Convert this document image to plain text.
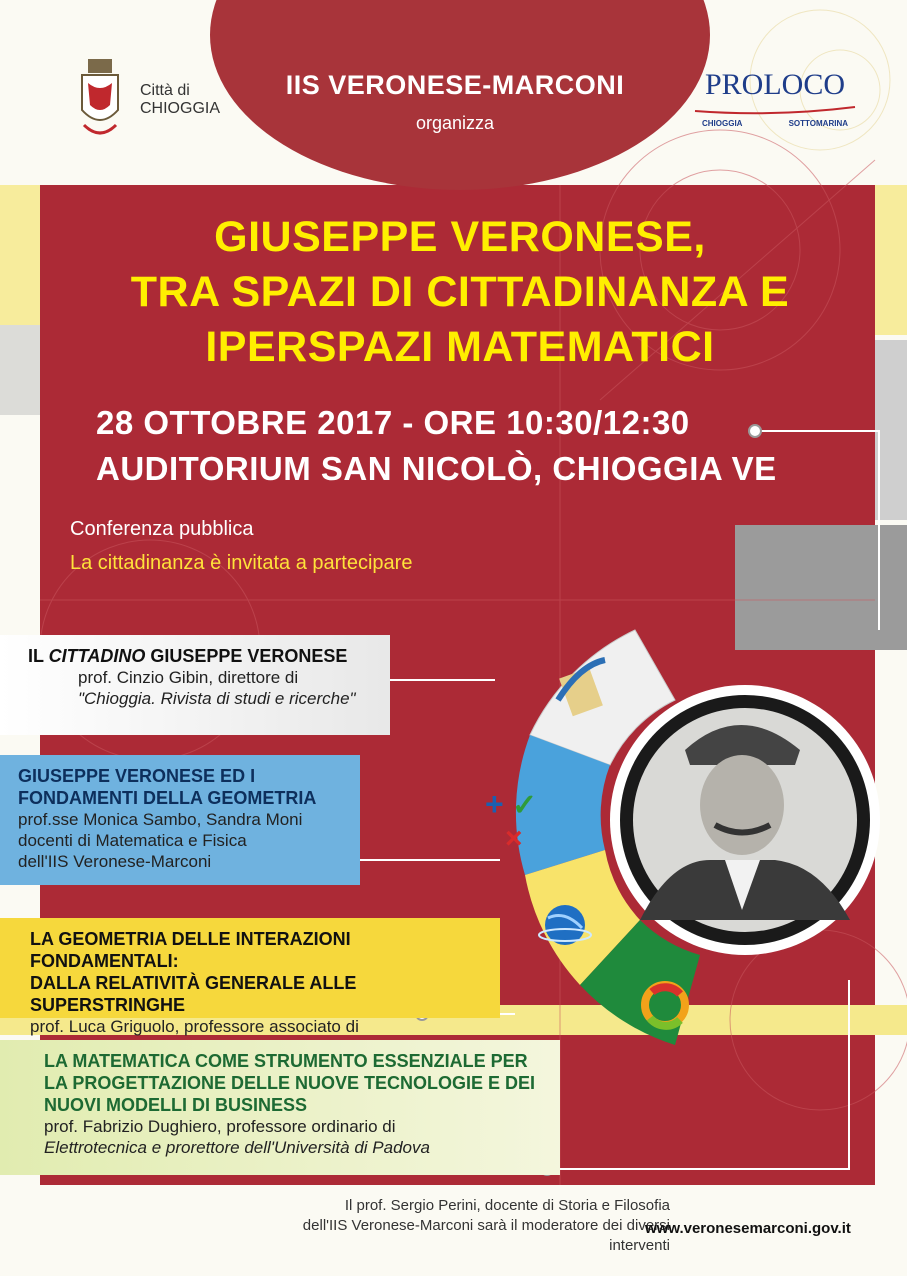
Città di
CHIOGGIA
IIS VERONESE-MARCONI
organizza
PROLOCO
CHIOGGIA	SOTTOMARINA
GIUSEPPE VERONESE,
TRA SPAZI DI CITTADINANZA E
IPERSPAZI MATEMATICI
28 OTTOBRE 2017 - ORE 10:30/12:30
AUDITORIUM SAN NICOLÒ, CHIOGGIA VE
Conferenza pubblica
La cittadinanza è invitata a partecipare
+ ✓
×
IL CITTADINO GIUSEPPE VERONESE
prof. Cinzio Gibin, direttore di
"Chioggia. Rivista di studi e ricerche"
GIUSEPPE VERONESE ED I
FONDAMENTI DELLA GEOMETRIA
prof.sse Monica Sambo, Sandra Moni
docenti di Matematica e Fisica
dell'IIS Veronese-Marconi
LA GEOMETRIA DELLE INTERAZIONI FONDAMENTALI:
DALLA RELATIVITÀ GENERALE ALLE SUPERSTRINGHE
prof. Luca Griguolo, professore associato di
LA MATEMATICA COME STRUMENTO ESSENZIALE PER
LA PROGETTAZIONE DELLE NUOVE TECNOLOGIE E DEI
NUOVI MODELLI DI BUSINESS
prof. Fabrizio Dughiero, professore ordinario di
Elettrotecnica e prorettore dell'Università di Padova
Il prof. Sergio Perini, docente di Storia e Filosofia
dell'IIS Veronese-Marconi sarà il moderatore dei diversi interventi
www.veronesemarconi.gov.it
